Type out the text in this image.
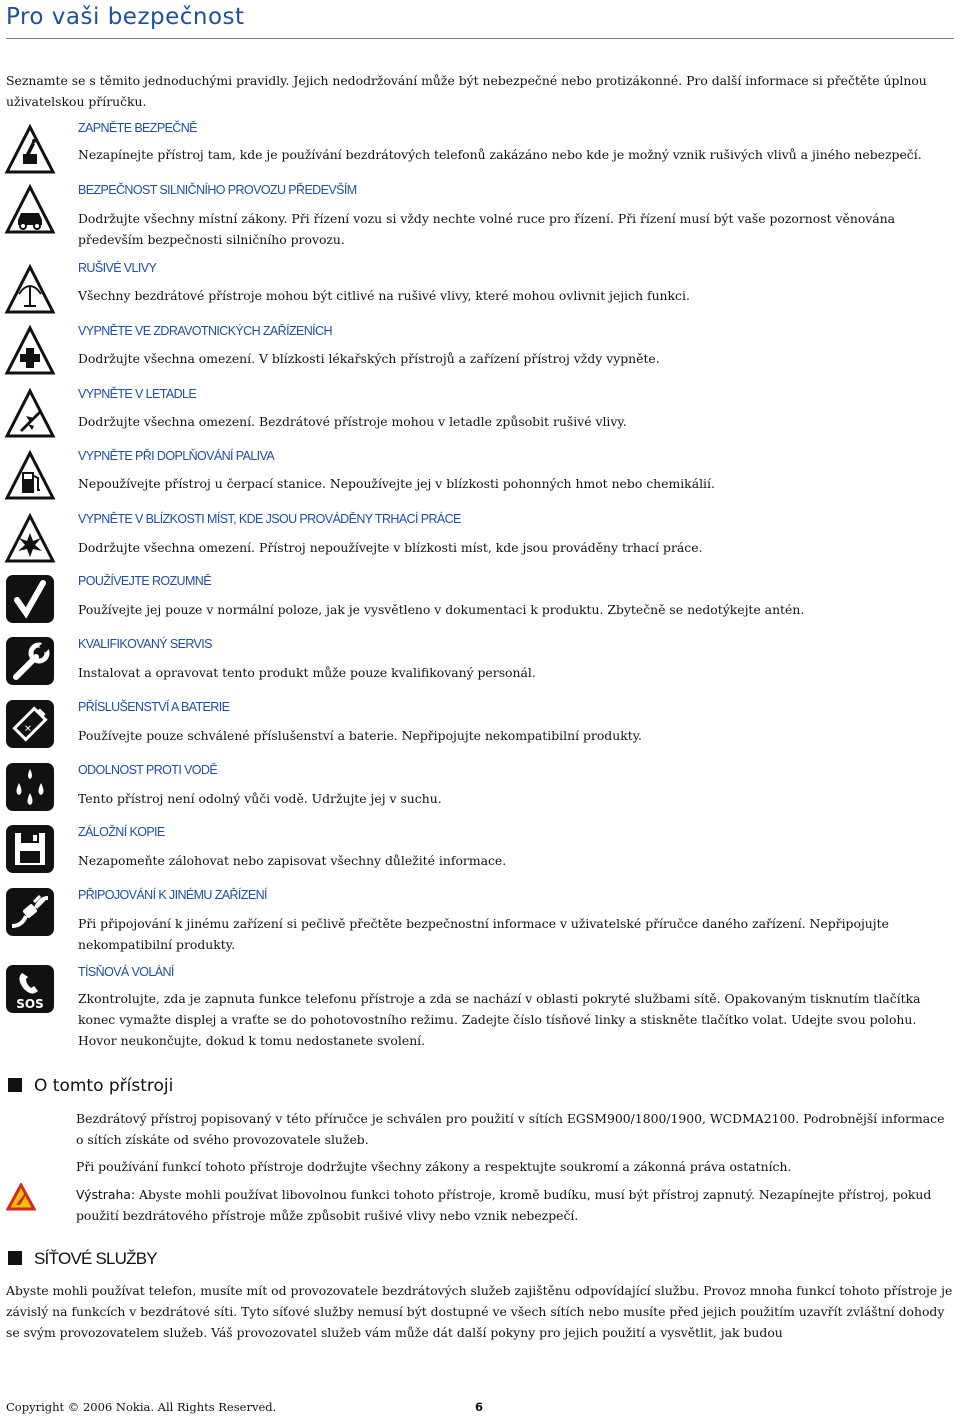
Pro vaši bezpečnost
Seznamte se s těmito jednoduchými pravidly. Jejich nedodržování může být nebezpečné nebo protizákonné. Pro další informace si přečtěte úplnou uživatelskou příručku.
ZAPNĚTE BEZPEČNĚ
Nezapínejte přístroj tam, kde je používání bezdrátových telefonů zakázáno nebo kde je možný vznik rušivých vlivů a jiného nebezpečí.
BEZPEČNOST SILNIČNÍHO PROVOZU PŘEDEVŠÍM
Dodržujte všechny místní zákony. Při řízení vozu si vždy nechte volné ruce pro řízení. Při řízení musí být vaše pozornost věnována především bezpečnosti silničního provozu.
RUŠIVÉ VLIVY
Všechny bezdrátové přístroje mohou být citlivé na rušivé vlivy, které mohou ovlivnit jejich funkci.
VYPNĚTE VE ZDRAVOTNICKÝCH ZAŘÍZENÍCH
Dodržujte všechna omezení. V blízkosti lékařských přístrojů a zařízení přístroj vždy vypněte.
VYPNĚTE V LETADLE
Dodržujte všechna omezení. Bezdrátové přístroje mohou v letadle způsobit rušivé vlivy.
VYPNĚTE PŘI DOPLŇOVÁNÍ PALIVA
Nepoužívejte přístroj u čerpací stanice. Nepoužívejte jej v blízkosti pohonných hmot nebo chemikálií.
VYPNĚTE V BLÍZKOSTI MÍST, KDE JSOU PROVÁDĚNY TRHACÍ PRÁCE
Dodržujte všechna omezení. Přístroj nepoužívejte v blízkosti míst, kde jsou prováděny trhací práce.
POUŽÍVEJTE ROZUMNĚ
Používejte jej pouze v normální poloze, jak je vysvětleno v dokumentaci k produktu. Zbytečně se nedotýkejte antén.
KVALIFIKOVANÝ SERVIS
Instalovat a opravovat tento produkt může pouze kvalifikovaný personál.
+
PŘÍSLUŠENSTVÍ A BATERIE
Používejte pouze schválené příslušenství a baterie. Nepřipojujte nekompatibilní produkty.
ODOLNOST PROTI VODĚ
Tento přístroj není odolný vůči vodě. Udržujte jej v suchu.
ZÁLOŽNÍ KOPIE
Nezapomeňte zálohovat nebo zapisovat všechny důležité informace.
PŘIPOJOVÁNÍ K JINÉMU ZAŘÍZENÍ
Při připojování k jinému zařízení si pečlivě přečtěte bezpečnostní informace v uživatelské příručce daného zařízení. Nepřipojujte nekompatibilní produkty.
SOS
TÍSŇOVÁ VOLÁNÍ
Zkontrolujte, zda je zapnuta funkce telefonu přístroje a zda se nachází v oblasti pokryté službami sítě. Opakovaným tisknutím tlačítka konec vymažte displej a vraťte se do pohotovostního režimu. Zadejte číslo tísňové linky a stiskněte tlačítko volat. Udejte svou polohu. Hovor neukončujte, dokud k tomu nedostanete svolení.
O tomto přístroji
Bezdrátový přístroj popisovaný v této příručce je schválen pro použití v sítích EGSM900/1800/1900, WCDMA2100. Podrobnější informace o sítích získáte od svého provozovatele služeb.
Při používání funkcí tohoto přístroje dodržujte všechny zákony a respektujte soukromí a zákonná práva ostatních.
Výstraha: Abyste mohli používat libovolnou funkci tohoto přístroje, kromě budíku, musí být přístroj zapnutý. Nezapínejte přístroj, pokud použití bezdrátového přístroje může způsobit rušivé vlivy nebo vznik nebezpečí.
SÍŤOVÉ SLUŽBY
Abyste mohli používat telefon, musíte mít od provozovatele bezdrátových služeb zajištěnu odpovídající službu. Provoz mnoha funkcí tohoto přístroje je závislý na funkcích v bezdrátové síti. Tyto síťové služby nemusí být dostupné ve všech sítích nebo musíte před jejich použitím uzavřít zvláštní dohody se svým provozovatelem služeb. Váš provozovatel služeb vám může dát další pokyny pro jejich použití a vysvětlit, jak budou
Copyright © 2006 Nokia. All Rights Reserved.	6
